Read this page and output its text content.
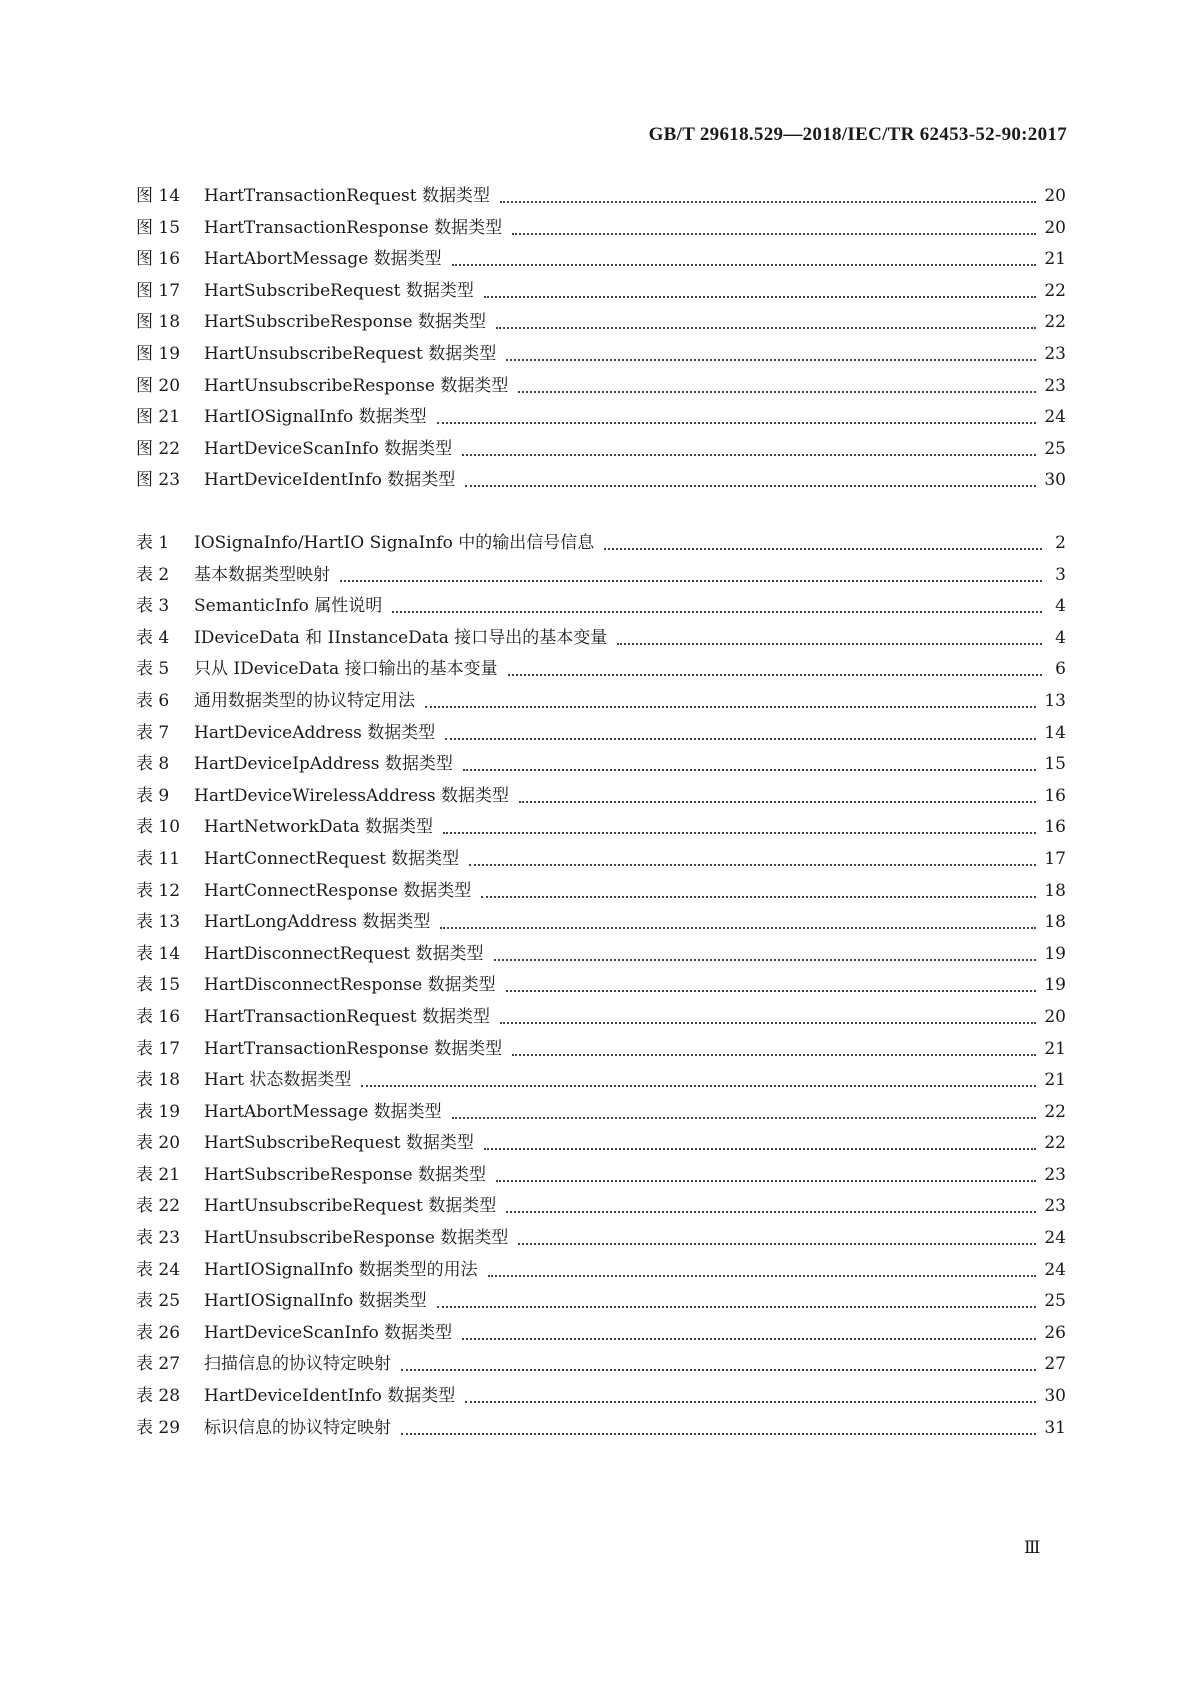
GB/T 29618.529—2018/IEC/TR 62453-52-90:2017
图 14	HartTransactionRequest 数据类型	20
图 15	HartTransactionResponse 数据类型	20
图 16	HartAbortMessage 数据类型	21
图 17	HartSubscribeRequest 数据类型	22
图 18	HartSubscribeResponse 数据类型	22
图 19	HartUnsubscribeRequest 数据类型	23
图 20	HartUnsubscribeResponse 数据类型	23
图 21	HartIOSignalInfo 数据类型	24
图 22	HartDeviceScanInfo 数据类型	25
图 23	HartDeviceIdentInfo 数据类型	30
表 1	IOSignaInfo/HartIO SignaInfo 中的输出信号信息	2
表 2	基本数据类型映射	3
表 3	SemanticInfo 属性说明	4
表 4	IDeviceData 和 IInstanceData 接口导出的基本变量	4
表 5	只从 IDeviceData 接口输出的基本变量	6
表 6	通用数据类型的协议特定用法	13
表 7	HartDeviceAddress 数据类型	14
表 8	HartDeviceIpAddress 数据类型	15
表 9	HartDeviceWirelessAddress 数据类型	16
表 10	HartNetworkData 数据类型	16
表 11	HartConnectRequest 数据类型	17
表 12	HartConnectResponse 数据类型	18
表 13	HartLongAddress 数据类型	18
表 14	HartDisconnectRequest 数据类型	19
表 15	HartDisconnectResponse 数据类型	19
表 16	HartTransactionRequest 数据类型	20
表 17	HartTransactionResponse 数据类型	21
表 18	Hart 状态数据类型	21
表 19	HartAbortMessage 数据类型	22
表 20	HartSubscribeRequest 数据类型	22
表 21	HartSubscribeResponse 数据类型	23
表 22	HartUnsubscribeRequest 数据类型	23
表 23	HartUnsubscribeResponse 数据类型	24
表 24	HartIOSignalInfo 数据类型的用法	24
表 25	HartIOSignalInfo 数据类型	25
表 26	HartDeviceScanInfo 数据类型	26
表 27	扫描信息的协议特定映射	27
表 28	HartDeviceIdentInfo 数据类型	30
表 29	标识信息的协议特定映射	31
Ⅲ
